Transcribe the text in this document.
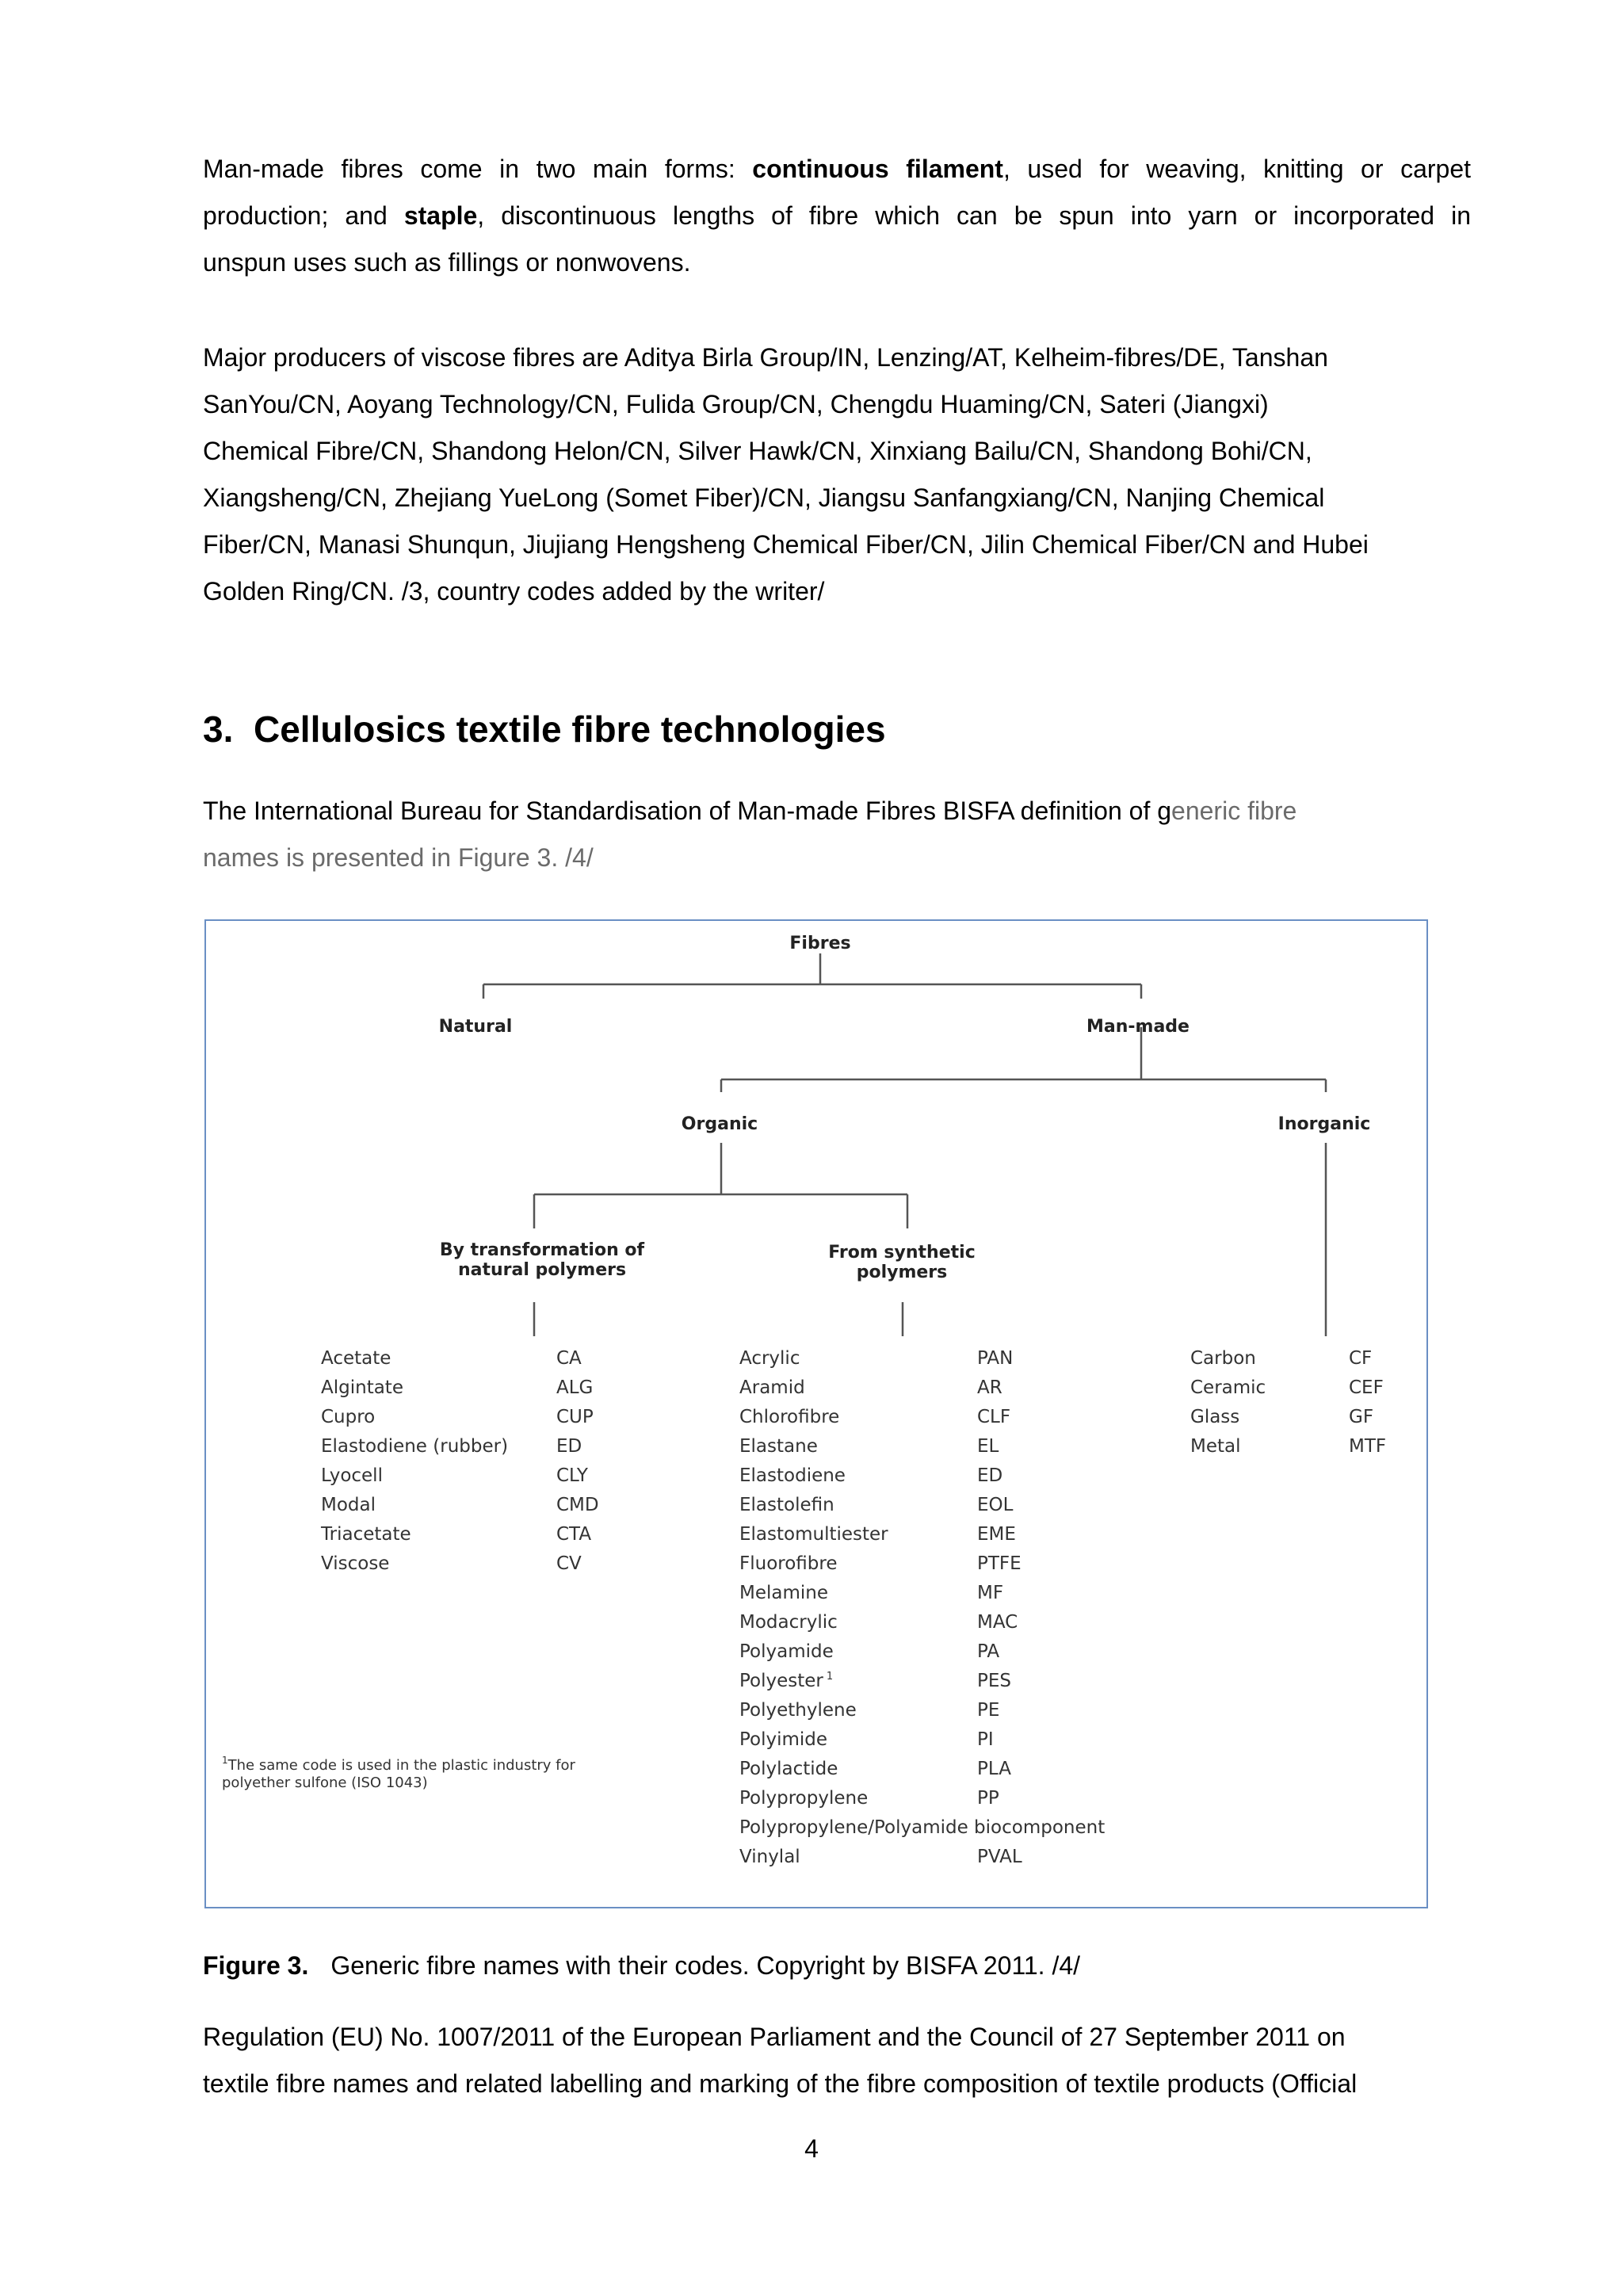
Man-made fibres come in two main forms: continuous filament, used for weaving, knitting or carpet
production; and staple, discontinuous lengths of fibre which can be spun into yarn or incorporated in
unspun uses such as fillings or nonwovens.
Major producers of viscose fibres are Aditya Birla Group/IN, Lenzing/AT, Kelheim-fibres/DE, Tanshan
SanYou/CN, Aoyang Technology/CN, Fulida Group/CN, Chengdu Huaming/CN, Sateri (Jiangxi)
Chemical Fibre/CN, Shandong Helon/CN, Silver Hawk/CN, Xinxiang Bailu/CN, Shandong Bohi/CN,
Xiangsheng/CN, Zhejiang YueLong (Somet Fiber)/CN, Jiangsu Sanfangxiang/CN, Nanjing Chemical
Fiber/CN, Manasi Shunqun, Jiujiang Hengsheng Chemical Fiber/CN, Jilin Chemical Fiber/CN and Hubei
Golden Ring/CN. /3, country codes added by the writer/
3. Cellulosics textile fibre technologies
The International Bureau for Standardisation of Man-made Fibres BISFA definition of generic fibre
names is presented in Figure 3. /4/
Fibres
Natural	Man-made
Organic	Inorganic
By transformation of
natural polymers
From synthetic
polymers
Acetate	CA
Algintate	ALG
Cupro	CUP
Elastodiene (rubber)	ED
Lyocell	CLY
Modal	CMD
Triacetate	CTA
Viscose	CV
Acrylic	PAN
Aramid	AR
Chlorofibre	CLF
Elastane	EL
Elastodiene	ED
Elastolefin	EOL
Elastomultiester	EME
Fluorofibre	PTFE
Melamine	MF
Modacrylic	MAC
Polyamide	PA
Polyester $^1$	PES
Polyethylene	PE
Polyimide	PI
Polylactide	PLA
Polypropylene	PP
Polypropylene/Polyamide biocomponent
Vinylal	PVAL
Carbon	CF
Ceramic	CEF
Glass	GF
Metal	MTF
$^1$The same code is used in the plastic industry for
polyether sulfone (ISO 1043)

Figure 3. Generic fibre names with their codes. Copyright by BISFA 2011. /4/

Regulation (EU) No. 1007/2011 of the European Parliament and the Council of 27 September 2011 on
textile fibre names and related labelling and marking of the fibre composition of textile products (Official
4
